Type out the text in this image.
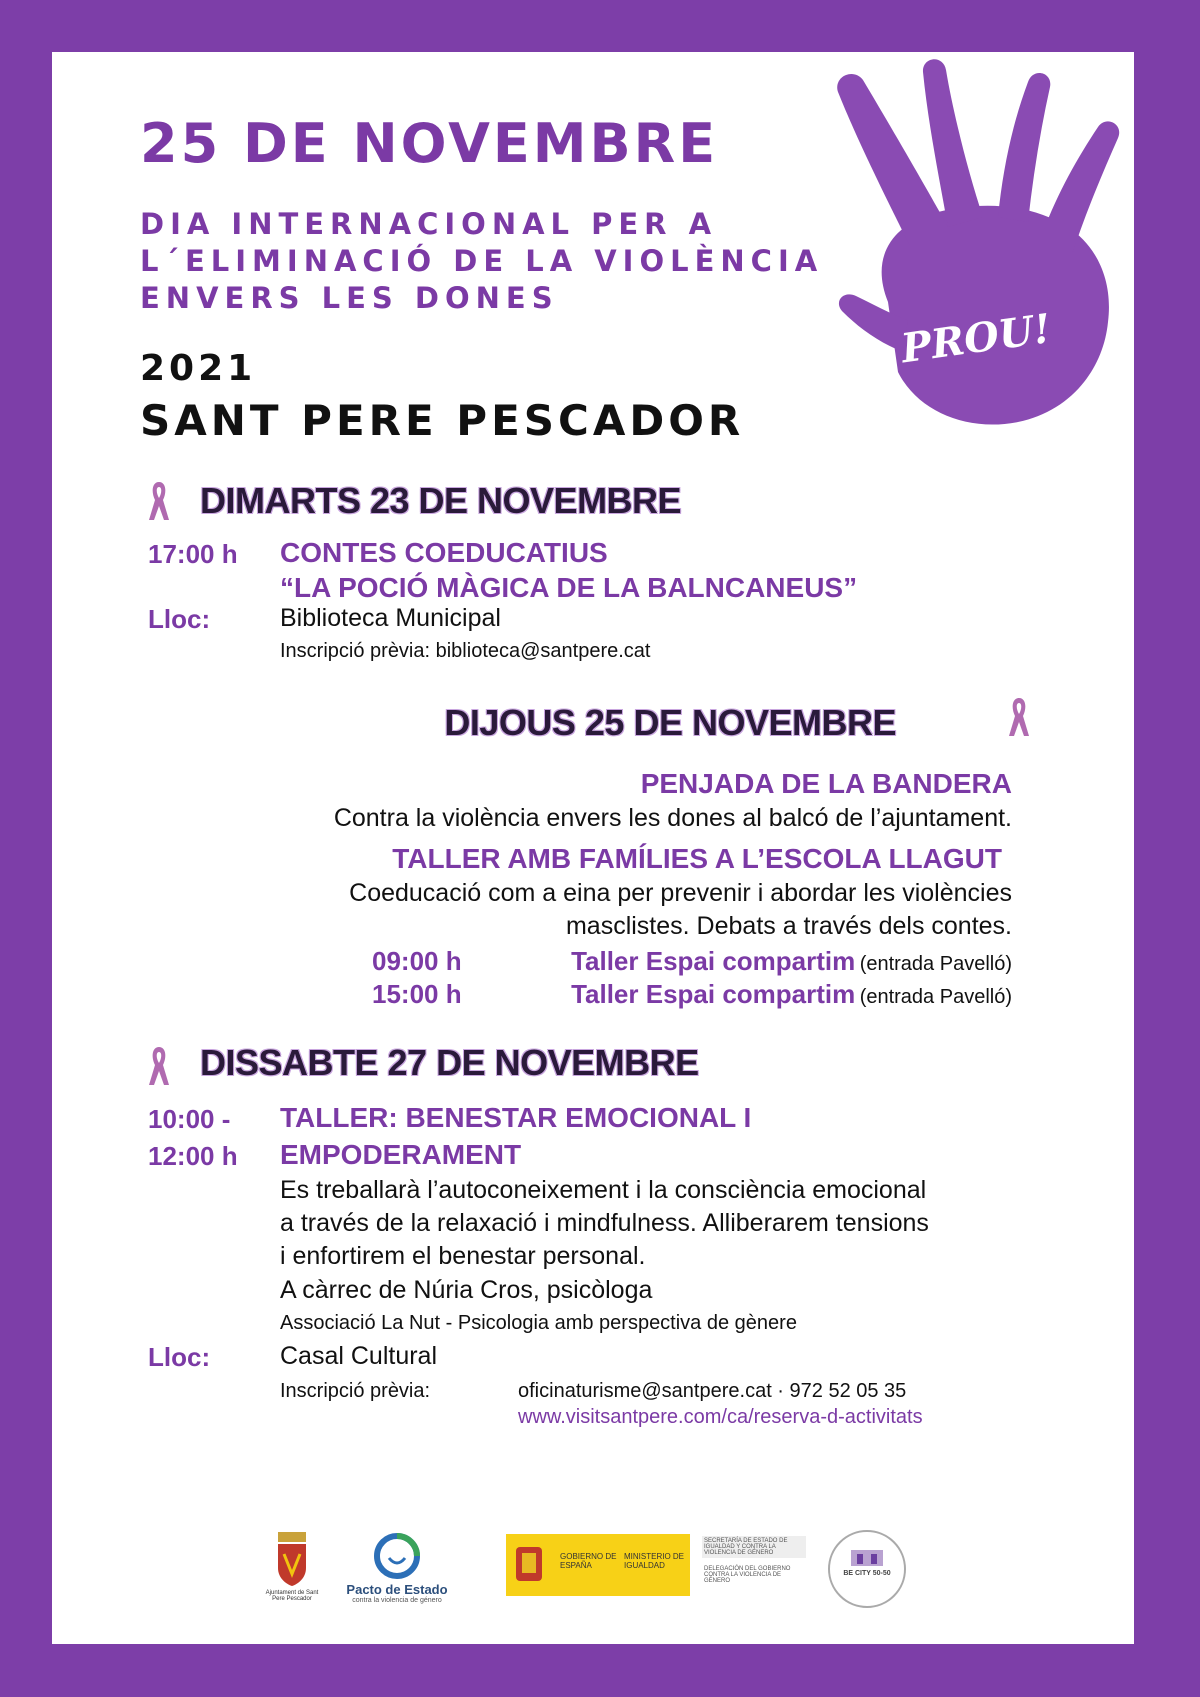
25 DE NOVEMBRE
DIA INTERNACIONAL PER A
L´ELIMINACIÓ DE LA VIOLÈNCIA
ENVERS LES DONES
2021
SANT PERE PESCADOR
PROU!
DIMARTS 23 DE NOVEMBRE
17:00 h CONTES COEDUCATIUS
“LA POCIÓ MÀGICA DE LA BALNCANEUS”
Lloc:	Biblioteca Municipal
Inscripció prèvia: biblioteca@santpere.cat
DIJOUS 25 DE NOVEMBRE
PENJADA DE LA BANDERA
Contra la violència envers les dones al balcó de l’ajuntament.
TALLER AMB FAMÍLIES A L’ESCOLA LLAGUT
Coeducació com a eina per prevenir i abordar les violències
masclistes. Debats a través dels contes.
09:00 h	Taller Espai compartim (entrada Pavelló)
15:00 h	Taller Espai compartim (entrada Pavelló)
DISSABTE 27 DE NOVEMBRE
10:00 -
12:00 h
TALLER: BENESTAR EMOCIONAL I
EMPODERAMENT
Es treballarà l’autoconeixement i la consciència emocional
a través de la relaxació i mindfulness. Alliberarem tensions
i enfortirem el benestar personal.
A càrrec de Núria Cros, psicòloga
Associació La Nut - Psicologia amb perspectiva de gènere
Lloc:	Casal Cultural
Inscripció prèvia:	oficinaturisme@santpere.cat · 972 52 05 35
www.visitsantpere.com/ca/reserva-d-activitats
Ajuntament de Sant Pere Pescador
Pacto de Estado
contra la violencia de género
GOBIERNO DE ESPAÑA
MINISTERIO DE IGUALDAD
SECRETARÍA DE ESTADO DE IGUALDAD Y CONTRA LA VIOLENCIA DE GÉNERO
DELEGACIÓN DEL GOBIERNO CONTRA LA VIOLENCIA DE GÉNERO
BE CITY 50-50
